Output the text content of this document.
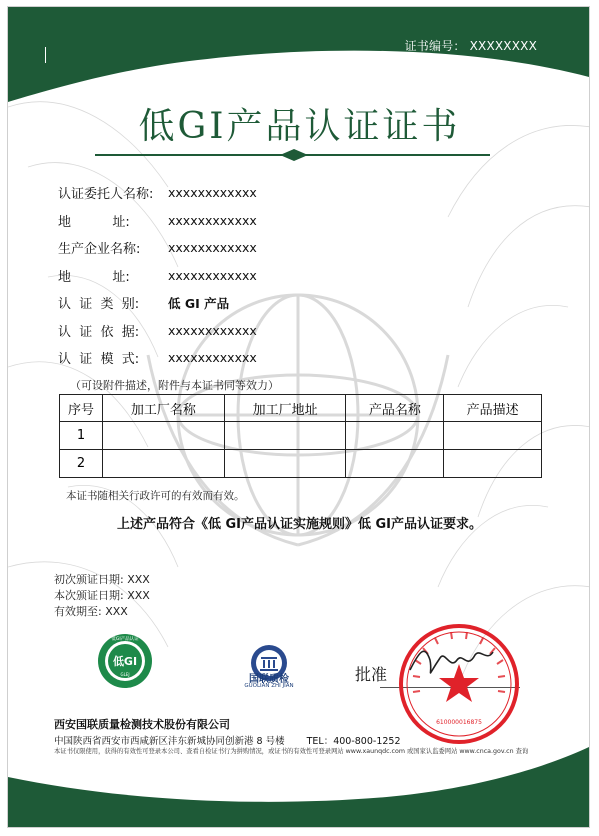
证书编号： XXXXXXXX
低GI产品认证证书
认证委托人名称:	xxxxxxxxxxxx
地          址:	xxxxxxxxxxxx
生产企业名称:	xxxxxxxxxxxx
地          址:	xxxxxxxxxxxx
认  证  类  别:	低 GI 产品
认  证  依  据:	xxxxxxxxxxxx
认  证  模  式:	xxxxxxxxxxxx
（可设附件描述，附件与本证书同等效力）
序号	加工厂名称	加工厂地址	产品名称	产品描述
1				
2				
本证书随相关行政许可的有效而有效。
上述产品符合《低 GI产品认证实施规则》低 GI产品认证要求。
初次颁证日期: XXX
本次颁证日期: XXX
有效期至: XXX
低GI
GLEJ
低GI产品认证
国联质检
GUOLIAN ZHI JIAN
批准
610000016875
西安国联质量检测技术股份有限公司
中国陕西省西安市西咸新区沣东新城协同创新港 8 号楼 TEL：400-800-1252
本证书仅限使用，获得的有效性可登录本公司、查看自检证书行为拼购情况，或证书的有效性可登录网站 www.xaunqdc.com 或国家认监委网站 www.cnca.gov.cn 查询
